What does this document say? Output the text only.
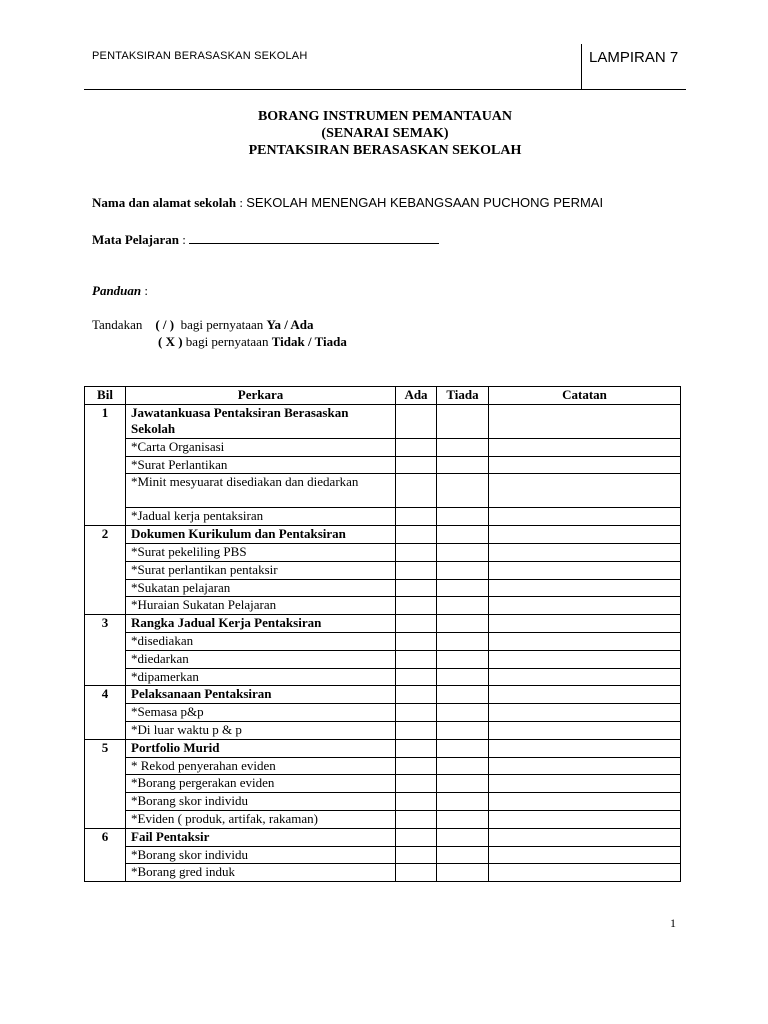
PENTAKSIRAN BERASASKAN SEKOLAH	LAMPIRAN 7
BORANG INSTRUMEN PEMANTAUAN
(SENARAI SEMAK)
PENTAKSIRAN BERASASKAN SEKOLAH
Nama dan alamat sekolah : SEKOLAH MENENGAH KEBANGSAAN PUCHONG PERMAI
Mata Pelajaran :
Panduan :
Tandakan ( / ) bagi pernyataan Ya / Ada
( X ) bagi pernyataan Tidak / Tiada
Bil	Perkara	Ada	Tiada	Catatan
1	Jawatankuasa Pentaksiran Berasaskan Sekolah			
	*Carta Organisasi			
	*Surat Perlantikan			
	*Minit mesyuarat disediakan dan diedarkan			
	*Jadual kerja pentaksiran			
2	Dokumen Kurikulum dan Pentaksiran			
	*Surat pekeliling PBS			
	*Surat perlantikan pentaksir			
	*Sukatan pelajaran			
	*Huraian Sukatan Pelajaran			
3	Rangka Jadual Kerja Pentaksiran			
	*disediakan			
	*diedarkan			
	*dipamerkan			
4	Pelaksanaan Pentaksiran			
	*Semasa p&p			
	*Di luar waktu p & p			
5	Portfolio Murid			
	* Rekod penyerahan eviden			
	*Borang pergerakan eviden			
	*Borang skor individu			
	*Eviden ( produk, artifak, rakaman)			
6	Fail Pentaksir			
	*Borang skor individu			
	*Borang gred induk			
1
